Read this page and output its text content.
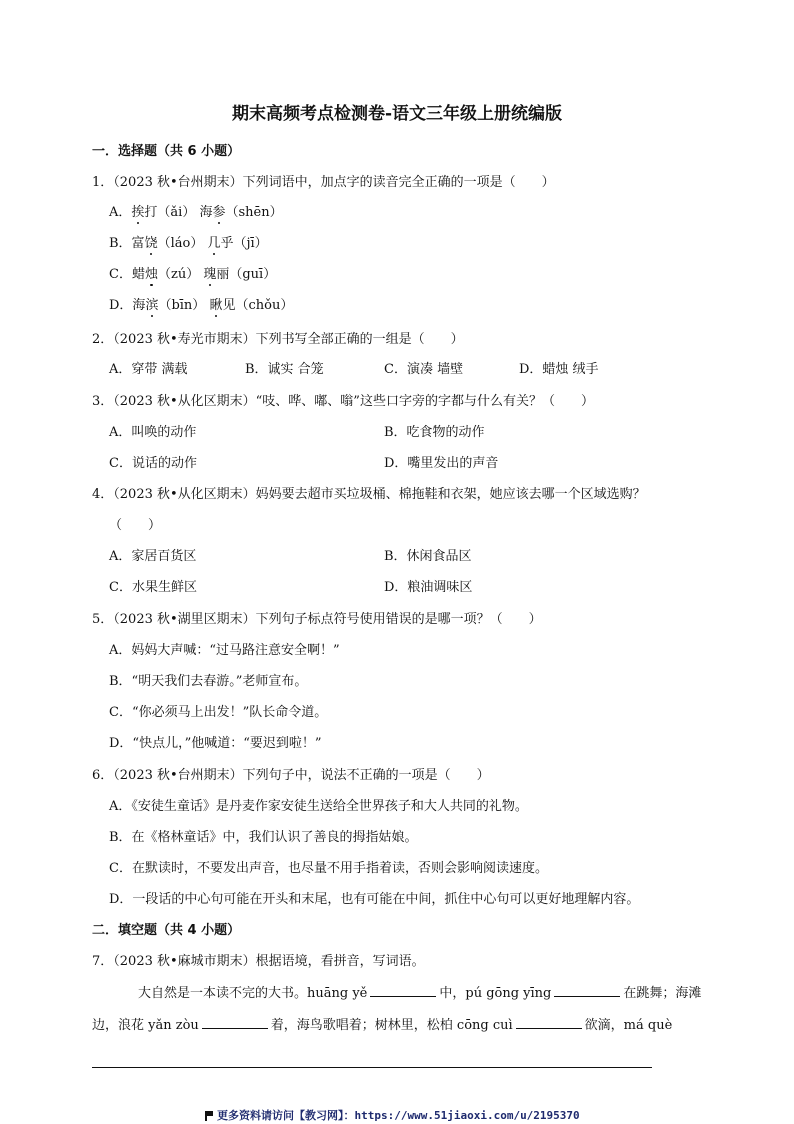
期末高频考点检测卷-语文三年级上册统编版
一．选择题（共 6 小题）
1．（2023 秋•台州期末）下列词语中，加点字的读音完全正确的一项是（　　）
A．挨打（ǎi） 海参（shēn）
B．富饶（láo） 几乎（jī）
C．蜡烛（zú） 瑰丽（guī）
D．海滨（bīn） 瞅见（chǒu）
2．（2023 秋•寿光市期末）下列书写全部正确的一组是（　　）
A．穿带 满载	B．诚实 合笼	C．演凑 墙壁	D．蜡烛 绒手
3．（2023 秋•从化区期末）“吱、哗、嘟、嗡”这些口字旁的字都与什么有关？（　　）
A．叫唤的动作	B．吃食物的动作
C．说话的动作	D．嘴里发出的声音
4．（2023 秋•从化区期末）妈妈要去超市买垃圾桶、棉拖鞋和衣架，她应该去哪一个区域选购？
（　　）
A．家居百货区	B．休闲食品区
C．水果生鲜区	D．粮油调味区
5．（2023 秋•湖里区期末）下列句子标点符号使用错误的是哪一项？（　　）
A．妈妈大声喊：“过马路注意安全啊！”
B．“明天我们去春游。”老师宣布。
C．“你必须马上出发！”队长命令道。
D．“快点儿，”他喊道：“要迟到啦！”
6．（2023 秋•台州期末）下列句子中，说法不正确的一项是（　　）
A．《安徒生童话》是丹麦作家安徒生送给全世界孩子和大人共同的礼物。
B．在《格林童话》中，我们认识了善良的拇指姑娘。
C．在默读时，不要发出声音，也尽量不用手指着读，否则会影响阅读速度。
D．一段话的中心句可能在开头和末尾，也有可能在中间，抓住中心句可以更好地理解内容。
二．填空题（共 4 小题）
7．（2023 秋•麻城市期末）根据语境，看拼音，写词语。
大自然是一本读不完的大书。huāng yě	中，pú gōng yīng	在跳舞；海滩
边，浪花 yǎn zòu	着，海鸟歌唱着；树林里，松柏 cōng cuì	欲滴，má què
更多资料请访问【教习网】：https://www.51jiaoxi.com/u/2195370
